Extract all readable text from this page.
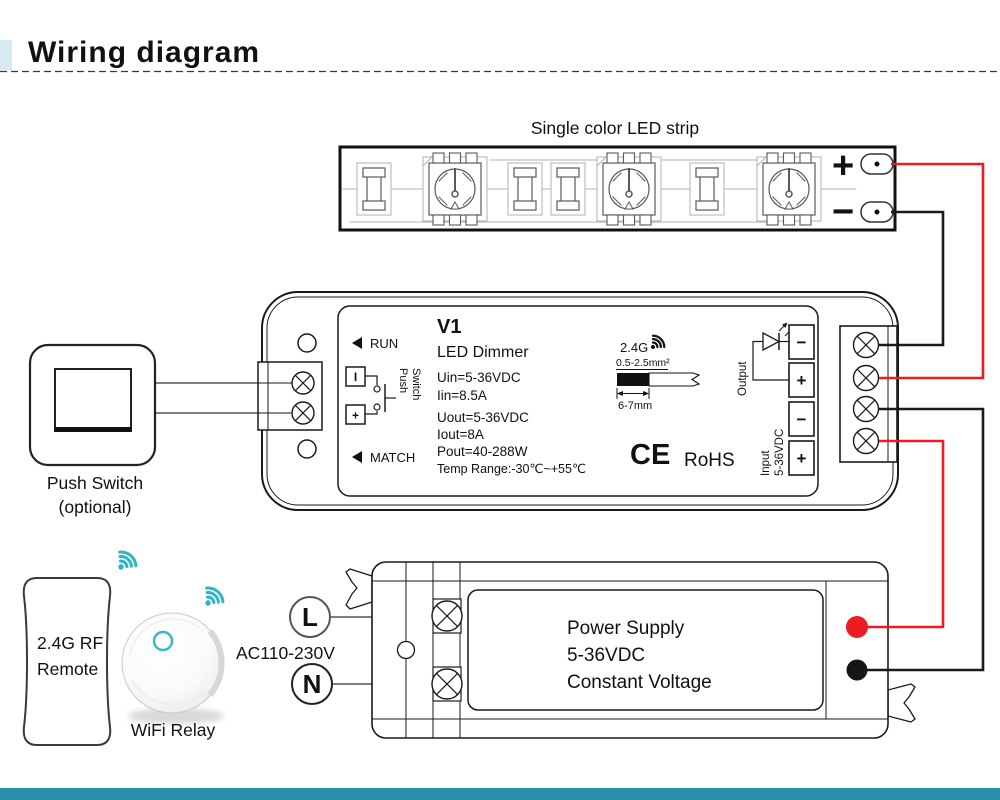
Wiring diagram
Single color LED strip
+
−
Push Switch
(optional)
RUN
MATCH
I
+
Push Switch
V1
LED Dimmer
Uin=5-36VDC
Iin=8.5A
Uout=5-36VDC
Iout=8A
Pout=40-288W
Temp Range:-30℃~+55℃
2.4G
0.5-2.5mm²
6-7mm
CE RoHS
Output
Input 5-36VDC
−
+
−
+
2.4G RF
Remote
WiFi Relay
L
N
AC110-230V
Power Supply
5-36VDC
Constant Voltage
